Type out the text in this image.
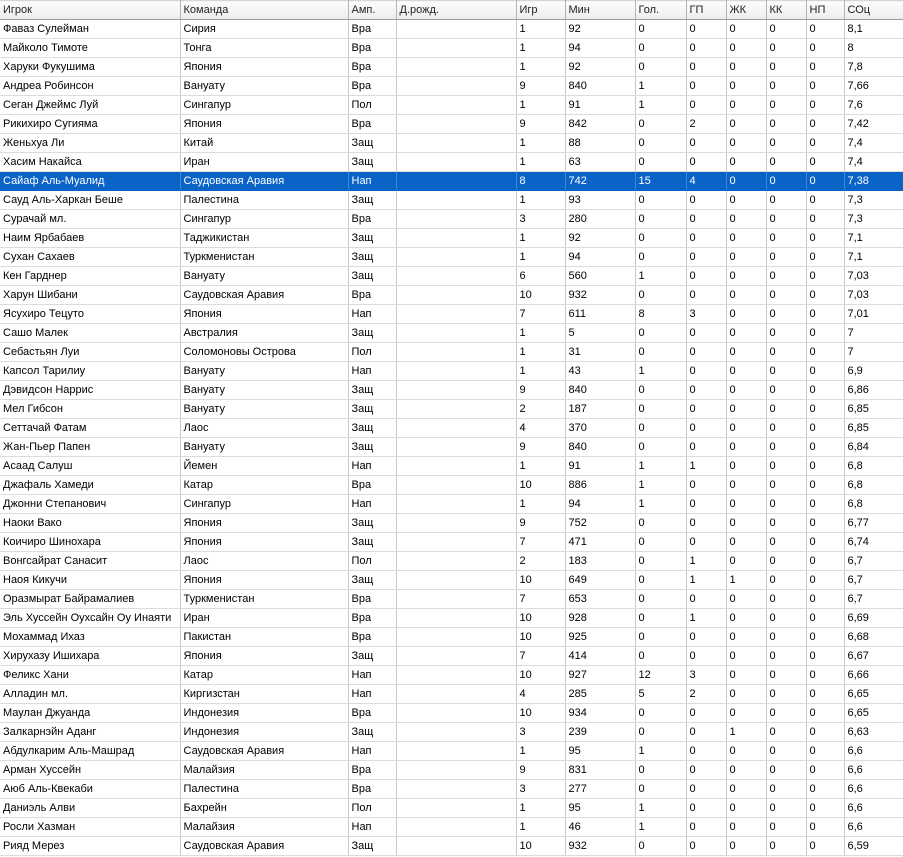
Игрок	Команда	Амп.	Д.рожд.	Игр	Мин	Гол.	ГП	ЖК	КК	НП	СОц
Фаваз Сулейман	Сирия	Вра		1	92	0	0	0	0	0	8,1
Майколо Тимоте	Тонга	Вра		1	94	0	0	0	0	0	8
Харуки Фукушима	Япония	Вра		1	92	0	0	0	0	0	7,8
Андреа Робинсон	Вануату	Вра		9	840	1	0	0	0	0	7,66
Сеган Джеймс Луй	Сингапур	Пол		1	91	1	0	0	0	0	7,6
Рикихиро Сугияма	Япония	Вра		9	842	0	2	0	0	0	7,42
Женьхуа Ли	Китай	Защ		1	88	0	0	0	0	0	7,4
Хасим Накайса	Иран	Защ		1	63	0	0	0	0	0	7,4
Сайаф Аль-Муалид	Саудовская Аравия	Нап		8	742	15	4	0	0	0	7,38
Сауд Аль-Харкан Беше	Палестина	Защ		1	93	0	0	0	0	0	7,3
Сурачай мл.	Сингапур	Вра		3	280	0	0	0	0	0	7,3
Наим Ярбабаев	Таджикистан	Защ		1	92	0	0	0	0	0	7,1
Сухан Сахаев	Туркменистан	Защ		1	94	0	0	0	0	0	7,1
Кен Гарднер	Вануату	Защ		6	560	1	0	0	0	0	7,03
Харун Шибани	Саудовская Аравия	Вра		10	932	0	0	0	0	0	7,03
Ясухиро Тецуто	Япония	Нап		7	611	8	3	0	0	0	7,01
Сашо Малек	Австралия	Защ		1	5	0	0	0	0	0	7
Себастьян Луи	Соломоновы Острова	Пол		1	31	0	0	0	0	0	7
Капсол Тарилиу	Вануату	Нап		1	43	1	0	0	0	0	6,9
Дэвидсон Наррис	Вануату	Защ		9	840	0	0	0	0	0	6,86
Мел Гибсон	Вануату	Защ		2	187	0	0	0	0	0	6,85
Сеттачай Фатам	Лаос	Защ		4	370	0	0	0	0	0	6,85
Жан-Пьер Папен	Вануату	Защ		9	840	0	0	0	0	0	6,84
Асаад Салуш	Йемен	Нап		1	91	1	1	0	0	0	6,8
Джафаль Хамеди	Катар	Вра		10	886	1	0	0	0	0	6,8
Джонни Степанович	Сингапур	Нап		1	94	1	0	0	0	0	6,8
Наоки Вако	Япония	Защ		9	752	0	0	0	0	0	6,77
Коичиро Шинохара	Япония	Защ		7	471	0	0	0	0	0	6,74
Вонгсайрат Санасит	Лаос	Пол		2	183	0	1	0	0	0	6,7
Наоя Кикучи	Япония	Защ		10	649	0	1	1	0	0	6,7
Оразмырат Байрамалиев	Туркменистан	Вра		7	653	0	0	0	0	0	6,7
Эль Хуссейн Оухсайн Оу Инаяти	Иран	Вра		10	928	0	1	0	0	0	6,69
Мохаммад Ихаз	Пакистан	Вра		10	925	0	0	0	0	0	6,68
Хирухазу Ишихара	Япония	Защ		7	414	0	0	0	0	0	6,67
Феликс Хани	Катар	Нап		10	927	12	3	0	0	0	6,66
Алладин мл.	Киргизстан	Нап		4	285	5	2	0	0	0	6,65
Маулан Джуанда	Индонезия	Вра		10	934	0	0	0	0	0	6,65
Залкарнэйн Аданг	Индонезия	Защ		3	239	0	0	1	0	0	6,63
Абдулкарим Аль-Машрад	Саудовская Аравия	Нап		1	95	1	0	0	0	0	6,6
Арман Хуссейн	Малайзия	Вра		9	831	0	0	0	0	0	6,6
Аюб Аль-Квекаби	Палестина	Вра		3	277	0	0	0	0	0	6,6
Даниэль Алви	Бахрейн	Пол		1	95	1	0	0	0	0	6,6
Росли Хазман	Малайзия	Нап		1	46	1	0	0	0	0	6,6
Рияд Мерез	Саудовская Аравия	Защ		10	932	0	0	0	0	0	6,59
